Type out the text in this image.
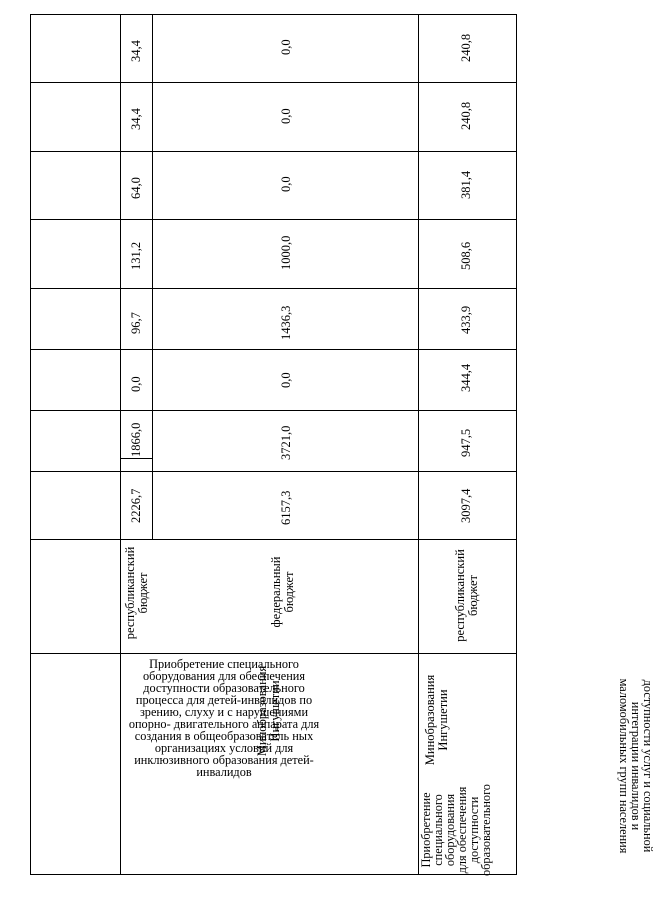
34,4
34,4
64,0
131,2
96,7
0,0
1866,0
2226,7
республиканский бюджет
доступности услуг и социальной интеграции инвалидов и маломобильных групп населения
0,0
0,0
0,0
1000,0
1436,3
0,0
3721,0
6157,3
федеральный бюджет
Минобразования Ингушетии
Приобретение специального оборудования для обеспечения доступности образовательного процесса для детей-инвалидов по зрению, слуху и с нарушениями опорно- двигательного аппарата для создания в общеобразователь ных организациях условий для инклюзивного образования детей-инвалидов
240,8
240,8
381,4
508,6
433,9
344,4
947,5
3097,4
республиканский бюджет
Минобразования Ингушетии
Приобретение специального оборудования для обеспечения доступности образовательного
